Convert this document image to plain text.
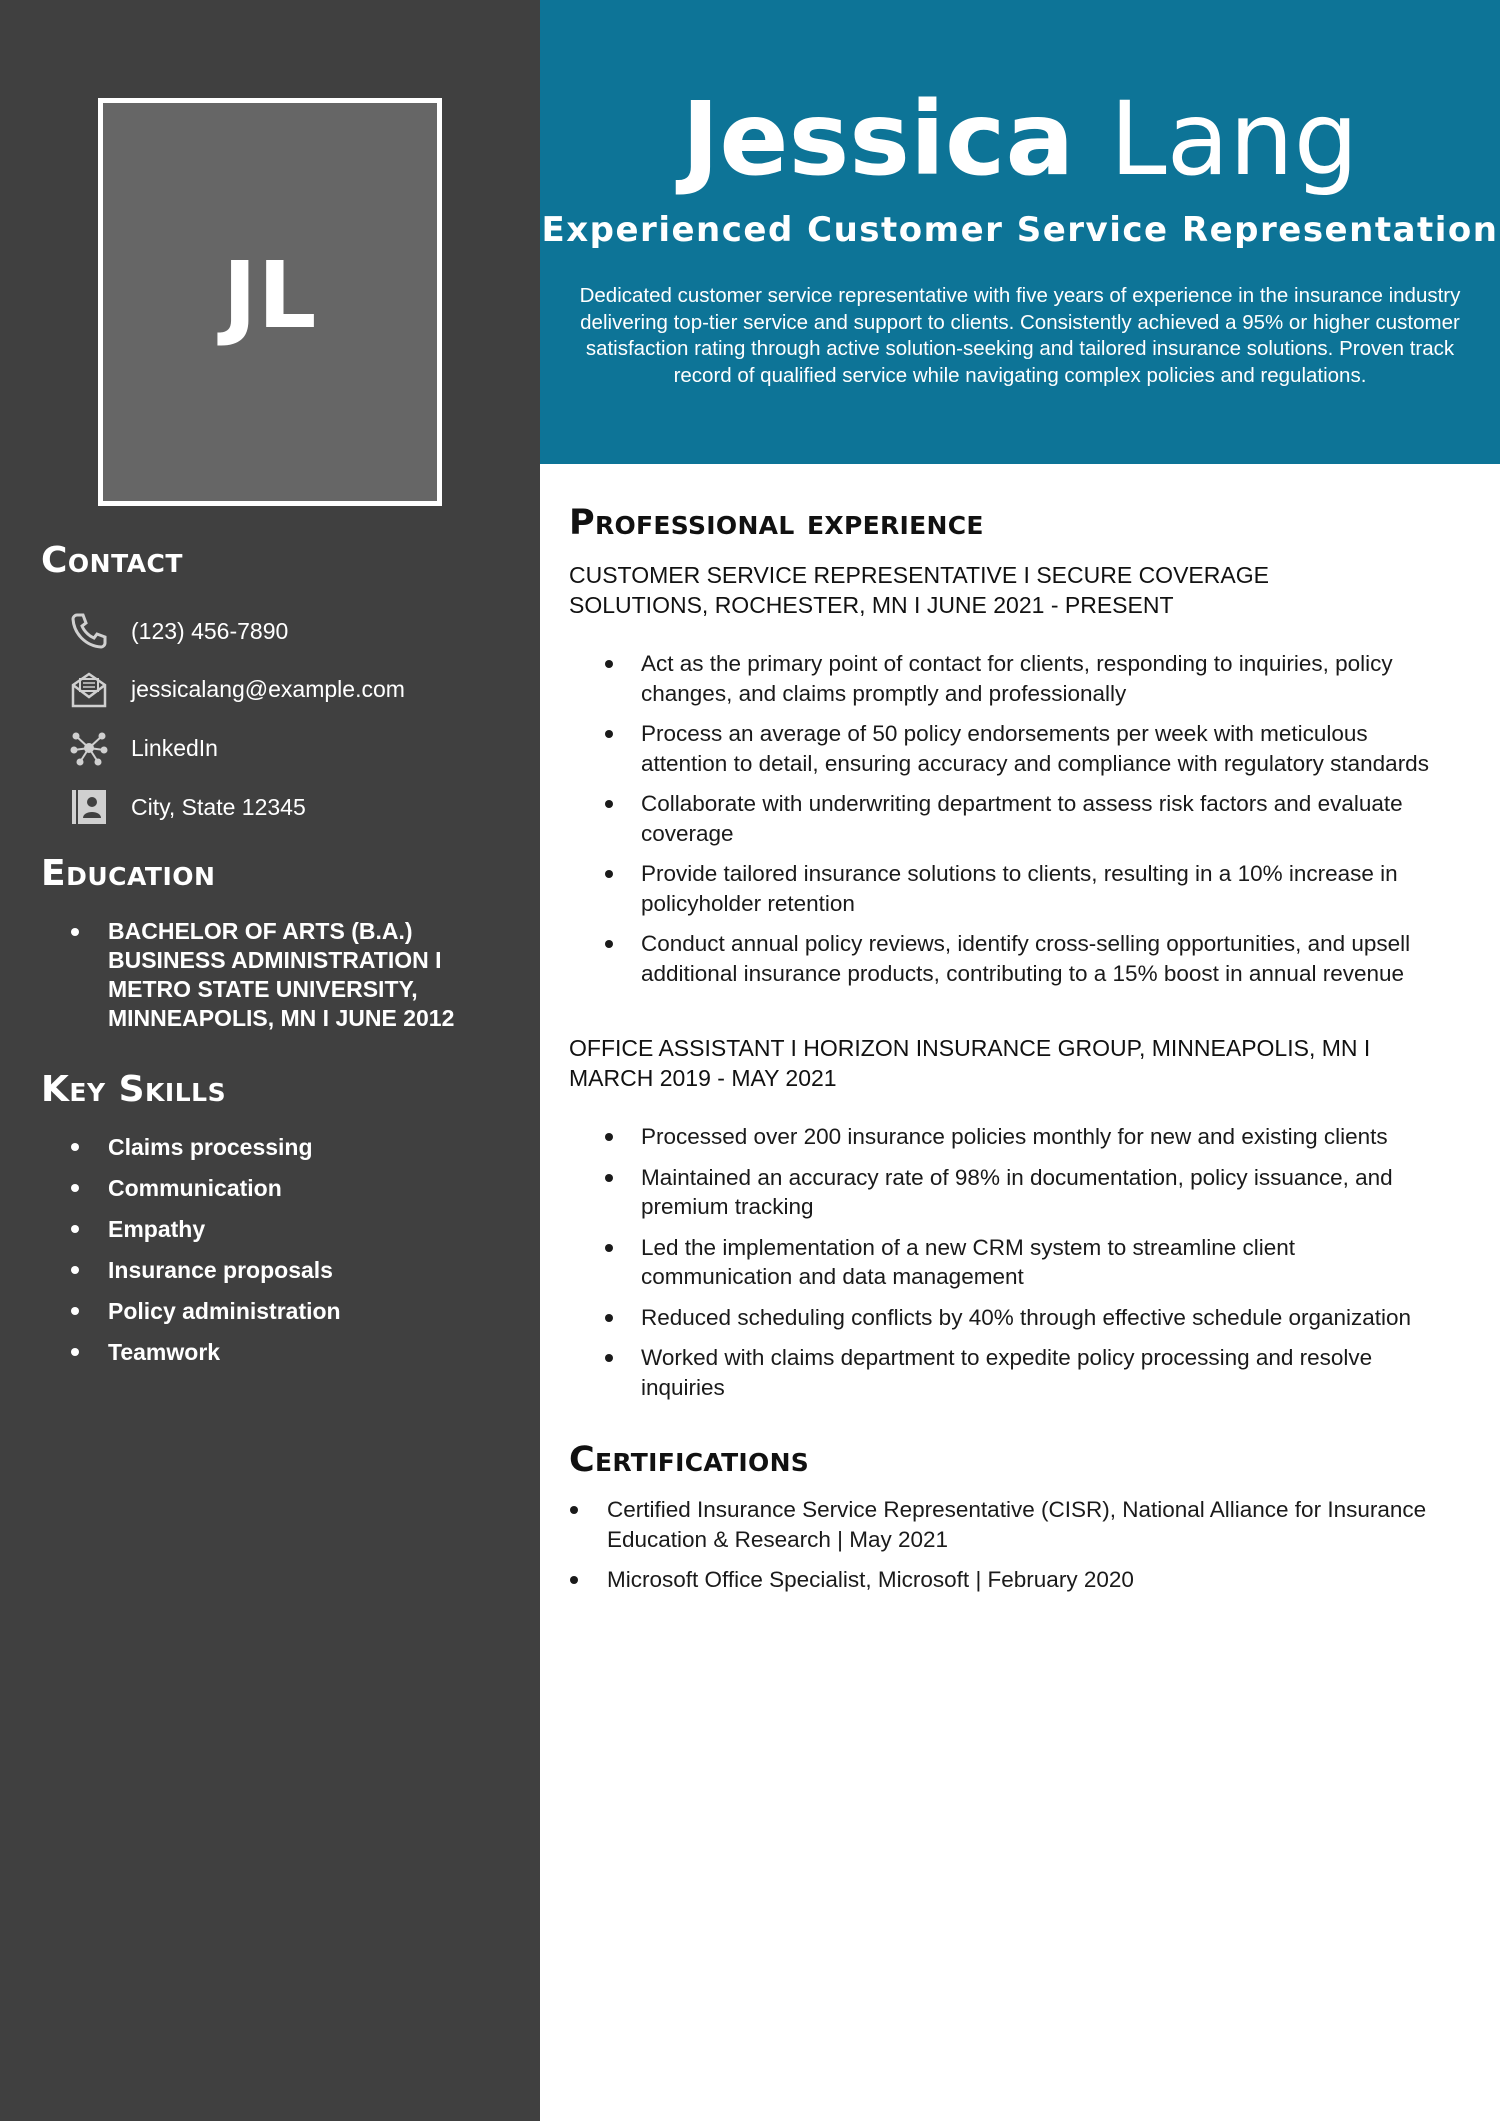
JL
Contact
(123) 456-7890
jessicalang@example.com
LinkedIn
City, State 12345
Education
BACHELOR OF ARTS (B.A.) BUSINESS ADMINISTRATION I METRO STATE UNIVERSITY, MINNEAPOLIS, MN I JUNE 2012
Key Skills
Claims processing
Communication
Empathy
Insurance proposals
Policy administration
Teamwork
Jessica Lang
Experienced Customer Service Representation

Dedicated customer service representative with five years of experience in the insurance industry delivering top-tier service and support to clients. Consistently achieved a 95% or higher customer satisfaction rating through active solution-seeking and tailored insurance solutions. Proven track record of qualified service while navigating complex policies and regulations.

Professional experience
CUSTOMER SERVICE REPRESENTATIVE I SECURE COVERAGE SOLUTIONS, ROCHESTER, MN I JUNE 2021 - PRESENT
Act as the primary point of contact for clients, responding to inquiries, policy changes, and claims promptly and professionally
Process an average of 50 policy endorsements per week with meticulous attention to detail, ensuring accuracy and compliance with regulatory standards
Collaborate with underwriting department to assess risk factors and evaluate coverage
Provide tailored insurance solutions to clients, resulting in a 10% increase in policyholder retention
Conduct annual policy reviews, identify cross-selling opportunities, and upsell additional insurance products, contributing to a 15% boost in annual revenue
OFFICE ASSISTANT I HORIZON INSURANCE GROUP, MINNEAPOLIS, MN I MARCH 2019 - MAY 2021
Processed over 200 insurance policies monthly for new and existing clients
Maintained an accuracy rate of 98% in documentation, policy issuance, and premium tracking
Led the implementation of a new CRM system to streamline client communication and data management
Reduced scheduling conflicts by 40% through effective schedule organization
Worked with claims department to expedite policy processing and resolve inquiries
Certifications
Certified Insurance Service Representative (CISR), National Alliance for Insurance Education & Research | May 2021
Microsoft Office Specialist, Microsoft | February 2020
